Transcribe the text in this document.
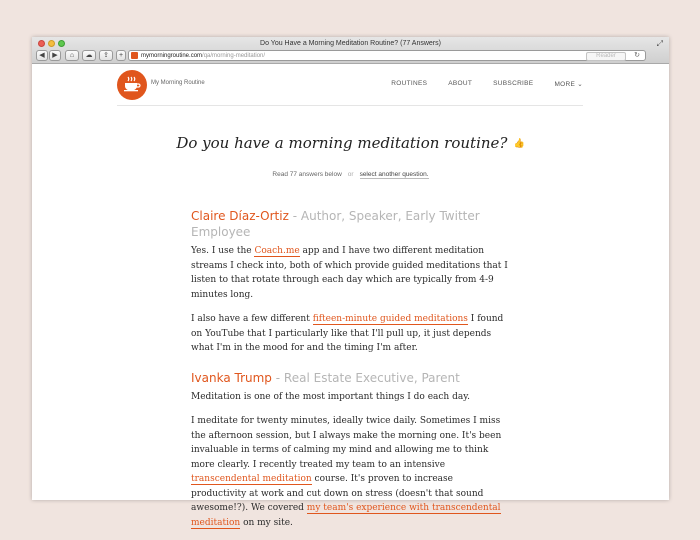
Do You Have a Morning Meditation Routine? (77 Answers)	⤢
◀	▶	⌂	☁	⇪	+	mymorningroutine.com/qa/morning-meditation/	Reader	↻
My Morning Routine	ROUTINES	ABOUT	SUBSCRIBE	MORE ⌄
Do you have a morning meditation routine? 👍
Read 77 answers below or select another question.
Claire Díaz-Ortiz - Author, Speaker, Early Twitter Employee

Yes. I use the Coach.me app and I have two different meditation streams I check into, both of which provide guided meditations that I listen to that rotate through each day which are typically from 4-9 minutes long.

I also have a few different fifteen-minute guided meditations I found on YouTube that I particularly like that I'll pull up, it just depends what I'm in the mood for and the timing I'm after.

Ivanka Trump - Real Estate Executive, Parent

Meditation is one of the most important things I do each day.

I meditate for twenty minutes, ideally twice daily. Sometimes I miss the afternoon session, but I always make the morning one. It's been invaluable in terms of calming my mind and allowing me to think more clearly. I recently treated my team to an intensive transcendental meditation course. It's proven to increase productivity at work and cut down on stress (doesn't that sound awesome!?). We covered my team's experience with transcendental meditation on my site.
